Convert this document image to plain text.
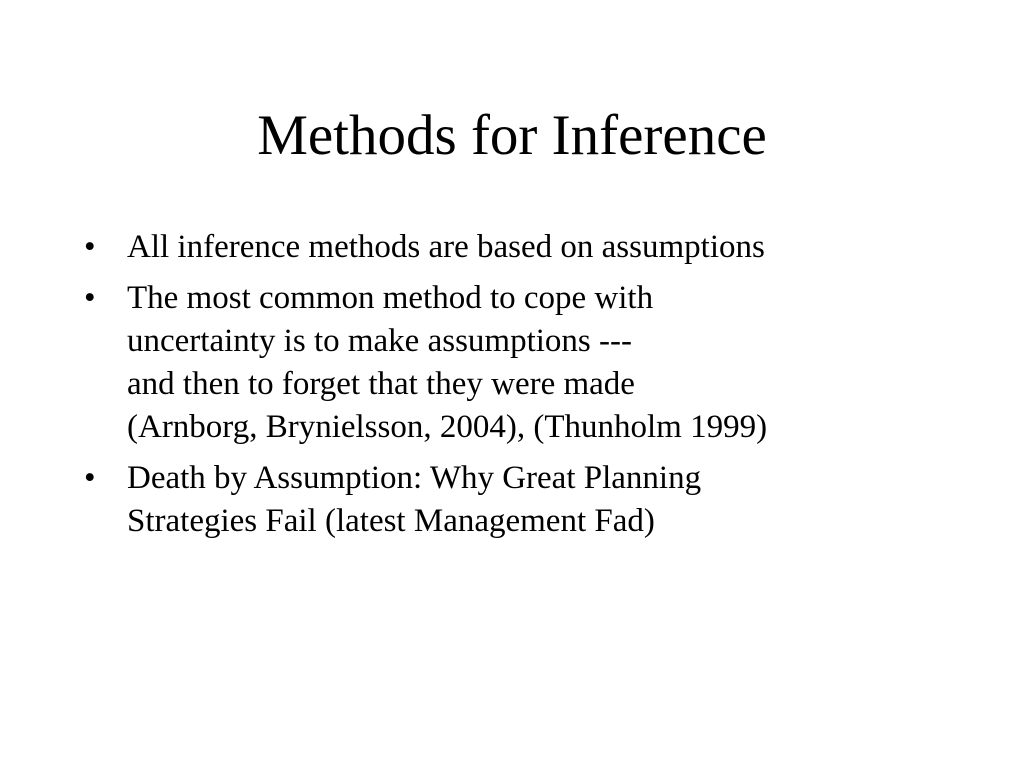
Methods for Inference
• All inference methods are based on assumptions
• The most common method to cope with
uncertainty is to make assumptions ---
and then to forget that they were made
(Arnborg, Brynielsson, 2004), (Thunholm 1999)
• Death by Assumption: Why Great Planning
Strategies Fail (latest Management Fad)
